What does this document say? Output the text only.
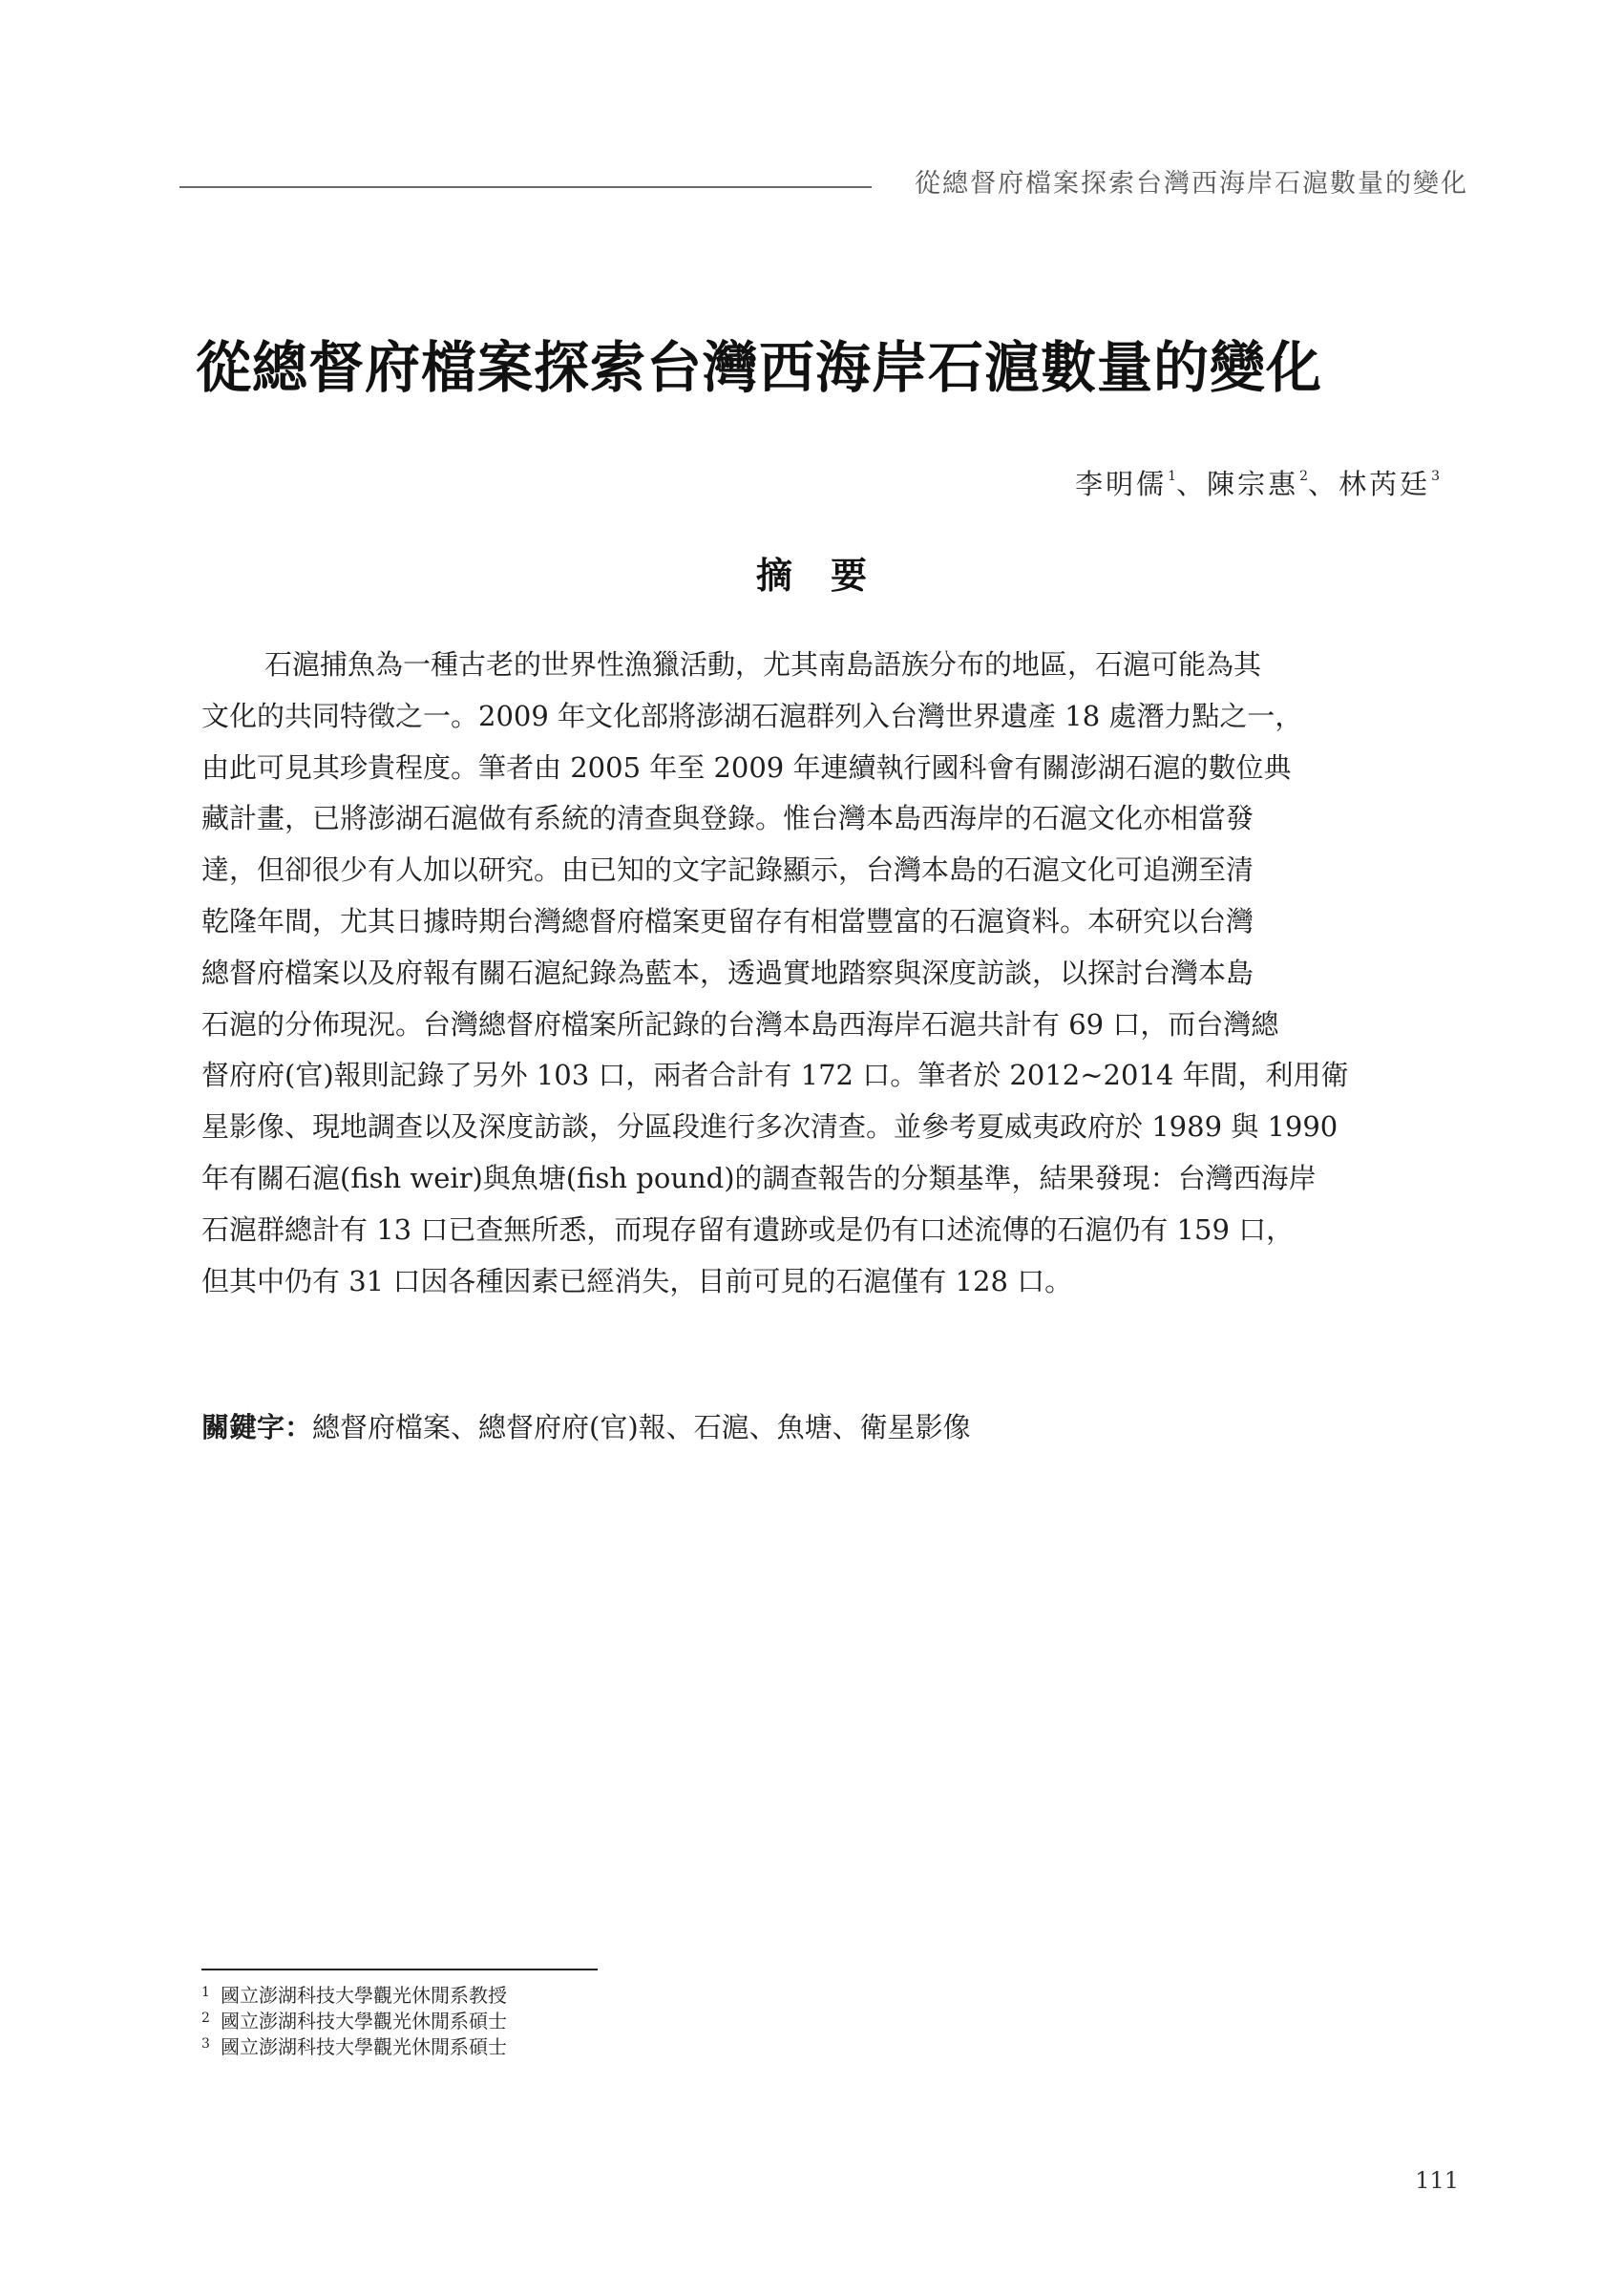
從總督府檔案探索台灣西海岸石滬數量的變化
從總督府檔案探索台灣西海岸石滬數量的變化
李明儒$^1$、陳宗惠$^2$、林芮廷$^3$
摘要
石滬捕魚為一種古老的世界性漁獵活動，尤其南島語族分布的地區，石滬可能為其
文化的共同特徵之一。2009 年文化部將澎湖石滬群列入台灣世界遺產 18 處潛力點之一，
由此可見其珍貴程度。筆者由 2005 年至 2009 年連續執行國科會有關澎湖石滬的數位典
藏計畫，已將澎湖石滬做有系統的清查與登錄。惟台灣本島西海岸的石滬文化亦相當發
達，但卻很少有人加以研究。由已知的文字記錄顯示，台灣本島的石滬文化可追溯至清
乾隆年間，尤其日據時期台灣總督府檔案更留存有相當豐富的石滬資料。本研究以台灣
總督府檔案以及府報有關石滬紀錄為藍本，透過實地踏察與深度訪談，以探討台灣本島
石滬的分佈現況。台灣總督府檔案所記錄的台灣本島西海岸石滬共計有 69 口，而台灣總
督府府(官)報則記錄了另外 103 口，兩者合計有 172 口。筆者於 2012~2014 年間，利用衛
星影像、現地調查以及深度訪談，分區段進行多次清查。並參考夏威夷政府於 1989 與 1990
年有關石滬(fish weir)與魚塘(fish pound)的調查報告的分類基準，結果發現：台灣西海岸
石滬群總計有 13 口已查無所悉，而現存留有遺跡或是仍有口述流傳的石滬仍有 159 口，
但其中仍有 31 口因各種因素已經消失，目前可見的石滬僅有 128 口。
關鍵字：總督府檔案、總督府府(官)報、石滬、魚塘、衛星影像
1 國立澎湖科技大學觀光休閒系教授
2 國立澎湖科技大學觀光休閒系碩士
3 國立澎湖科技大學觀光休閒系碩士
111
